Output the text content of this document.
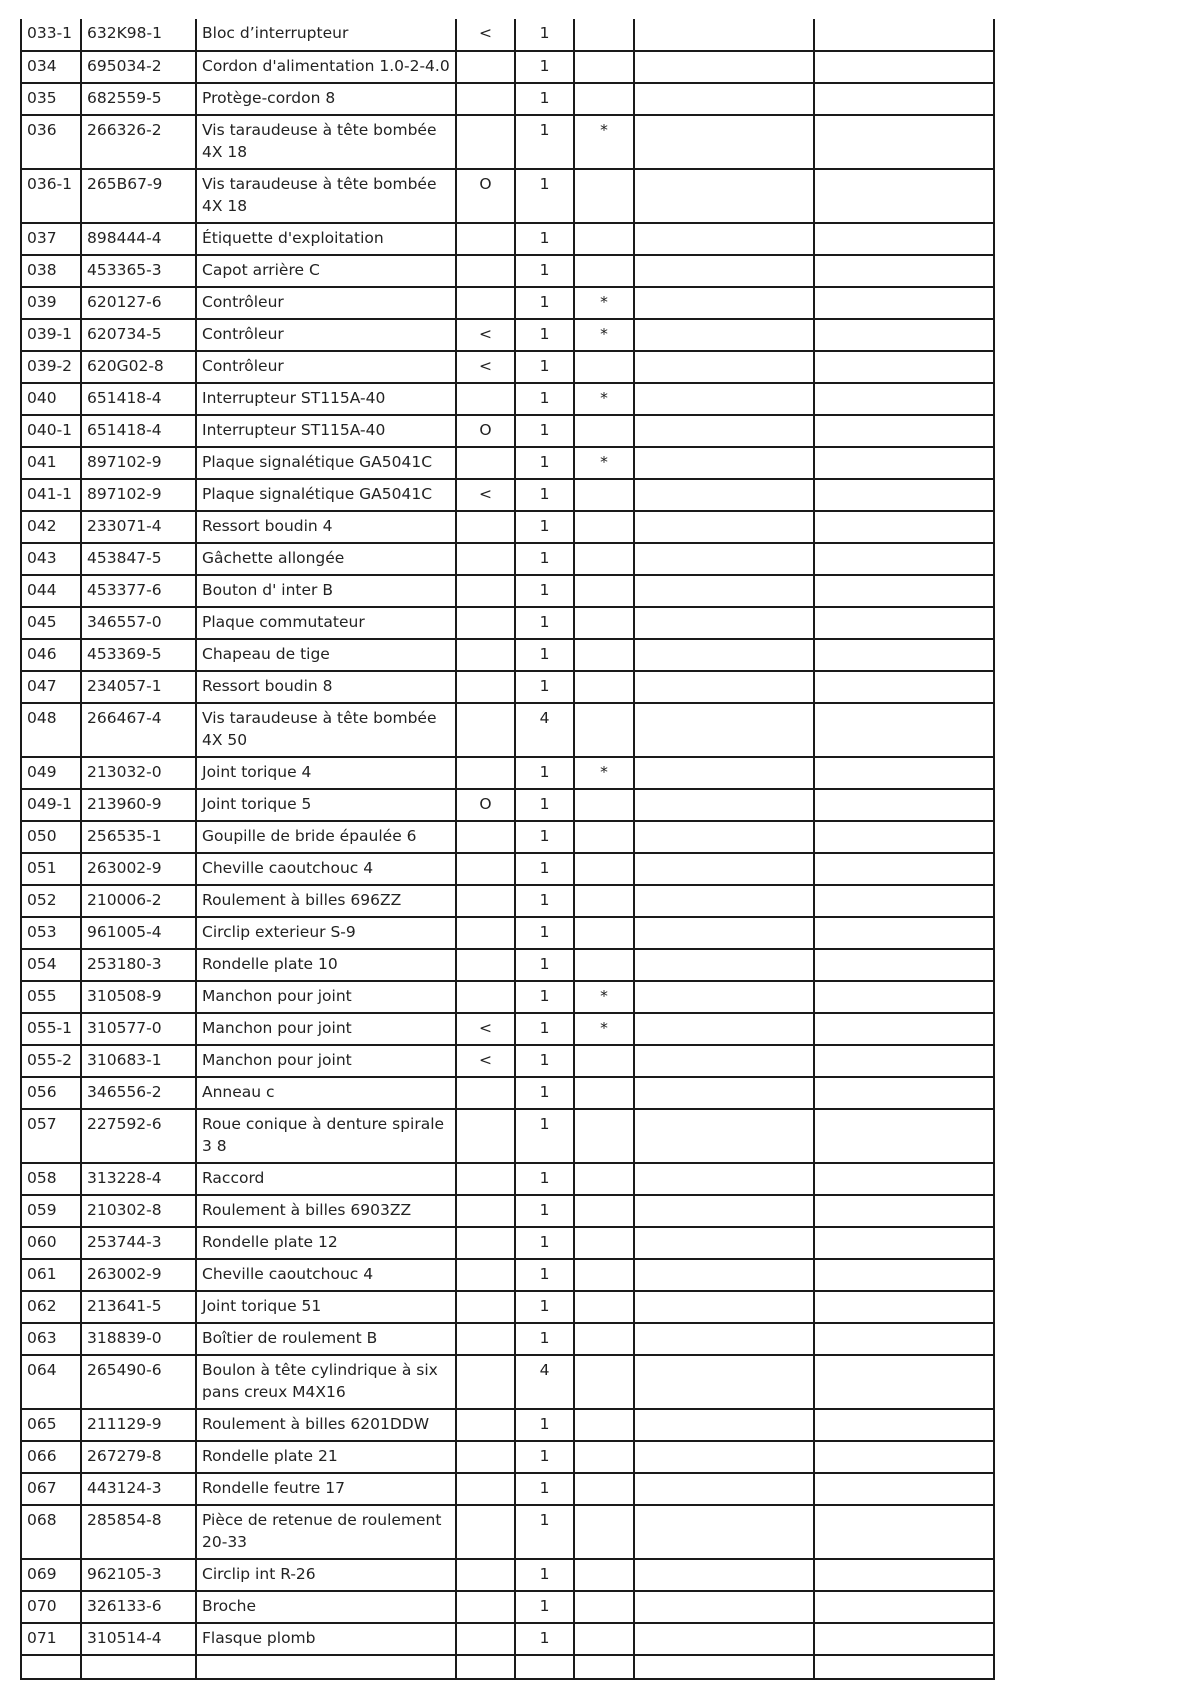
033-1	632K98-1	Bloc d’interrupteur	<	1			

034	695034-2	Cordon d'alimentation 1.0-2-4.0		1			

035	682559-5	Protège-cordon 8		1			

036	266326-2	Vis taraudeuse à tête bombée 4X 18		1	*		

036-1	265B67-9	Vis taraudeuse à tête bombée 4X 18	O	1			

037	898444-4	Étiquette d'exploitation		1			

038	453365-3	Capot arrière C		1			

039	620127-6	Contrôleur		1	*		

039-1	620734-5	Contrôleur	<	1	*		

039-2	620G02-8	Contrôleur	<	1			

040	651418-4	Interrupteur ST115A-40		1	*		

040-1	651418-4	Interrupteur ST115A-40	O	1			

041	897102-9	Plaque signalétique GA5041C		1	*		

041-1	897102-9	Plaque signalétique GA5041C	<	1			

042	233071-4	Ressort boudin 4		1			

043	453847-5	Gâchette allongée		1			

044	453377-6	Bouton d' inter B		1			

045	346557-0	Plaque commutateur		1			

046	453369-5	Chapeau de tige		1			

047	234057-1	Ressort boudin 8		1			

048	266467-4	Vis taraudeuse à tête bombée 4X 50		4			

049	213032-0	Joint torique 4		1	*		

049-1	213960-9	Joint torique 5	O	1			

050	256535-1	Goupille de bride épaulée 6		1			

051	263002-9	Cheville caoutchouc 4		1			

052	210006-2	Roulement à billes 696ZZ		1			

053	961005-4	Circlip exterieur S-9		1			

054	253180-3	Rondelle plate 10		1			

055	310508-9	Manchon pour joint		1	*		

055-1	310577-0	Manchon pour joint	<	1	*		

055-2	310683-1	Manchon pour joint	<	1			

056	346556-2	Anneau c		1			

057	227592-6	Roue conique à denture spirale 3 8		1			

058	313228-4	Raccord		1			

059	210302-8	Roulement à billes 6903ZZ		1			

060	253744-3	Rondelle plate 12		1			

061	263002-9	Cheville caoutchouc 4		1			

062	213641-5	Joint torique 51		1			

063	318839-0	Boîtier de roulement B		1			

064	265490-6	Boulon à tête cylindrique à six pans creux M4X16		4			

065	211129-9	Roulement à billes 6201DDW		1			

066	267279-8	Rondelle plate 21		1			

067	443124-3	Rondelle feutre 17		1			

068	285854-8	Pièce de retenue de roulement 20-33		1			

069	962105-3	Circlip int R-26		1			

070	326133-6	Broche		1			

071	310514-4	Flasque plomb		1			
